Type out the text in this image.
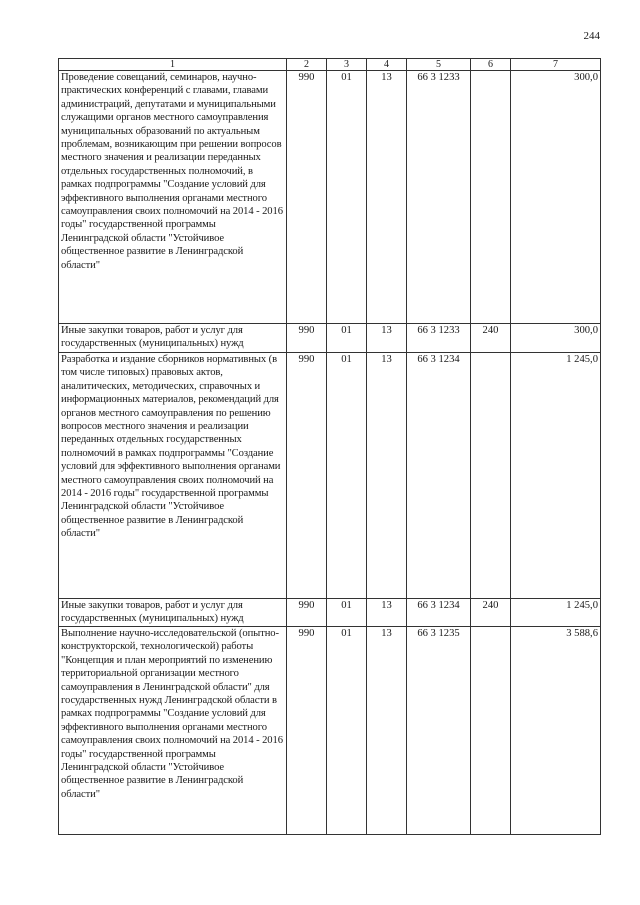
244
1	2	3	4	5	6	7
Проведение совещаний, семинаров, научно-практических конференций с главами, главами администраций, депутатами и муниципальными служащими органов местного самоуправления муниципальных образований по актуальным проблемам, возникающим при решении вопросов местного значения и реализации переданных отдельных государственных полномочий, в рамках подпрограммы "Создание условий для эффективного выполнения органами местного самоуправления своих полномочий на 2014 - 2016 годы" государственной программы Ленинградской области "Устойчивое общественное развитие в Ленинградской области"	990	01	13	66 3 1233		300,0
Иные закупки товаров, работ и услуг для государственных (муниципальных) нужд	990	01	13	66 3 1233	240	300,0
Разработка и издание сборников нормативных (в том числе типовых) правовых актов, аналитических, методических, справочных и информационных материалов, рекомендаций для органов местного самоуправления по решению вопросов местного значения и реализации переданных отдельных государственных полномочий в рамках подпрограммы "Создание условий для эффективного выполнения органами местного самоуправления своих полномочий на 2014 - 2016 годы" государственной программы Ленинградской области "Устойчивое общественное развитие в Ленинградской области"	990	01	13	66 3 1234		1 245,0
Иные закупки товаров, работ и услуг для государственных (муниципальных) нужд	990	01	13	66 3 1234	240	1 245,0
Выполнение научно-исследовательской (опытно-конструкторской, технологической) работы "Концепция и план мероприятий по изменению территориальной организации местного самоуправления в Ленинградской области" для государственных нужд Ленинградской области в рамках подпрограммы "Создание условий для эффективного выполнения органами местного самоуправления своих полномочий на 2014 - 2016 годы" государственной программы Ленинградской области "Устойчивое общественное развитие в Ленинградской области"	990	01	13	66 3 1235		3 588,6
